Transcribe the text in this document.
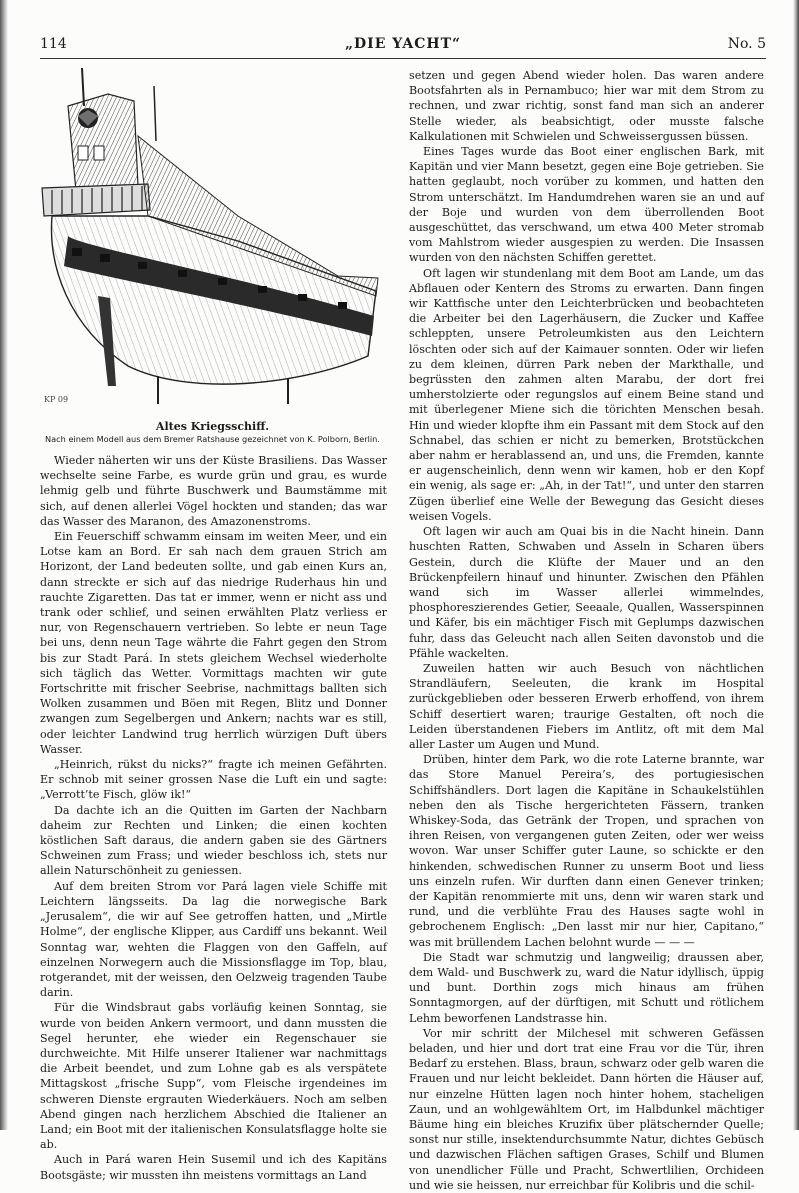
114	„DIE YACHT“	No. 5
KP 09
Altes Kriegsschiff.
Nach einem Modell aus dem Bremer Ratshause gezeichnet von K. Polborn, Berlin.

Wieder näherten wir uns der Küste Brasiliens. Das Wasser wechselte seine Farbe, es wurde grün und grau, es wurde lehmig gelb und führte Buschwerk und Baumstämme mit sich, auf denen allerlei Vögel hockten und standen; das war das Wasser des Maranon, des Amazonenstroms.

Ein Feuerschiff schwamm einsam im weiten Meer, und ein Lotse kam an Bord. Er sah nach dem grauen Strich am Horizont, der Land bedeuten sollte, und gab einen Kurs an, dann streckte er sich auf das niedrige Ruderhaus hin und rauchte Zigaretten. Das tat er immer, wenn er nicht ass und trank oder schlief, und seinen erwählten Platz verliess er nur, von Regenschauern vertrieben. So lebte er neun Tage bei uns, denn neun Tage währte die Fahrt gegen den Strom bis zur Stadt Pará. In stets gleichem Wechsel wiederholte sich täglich das Wetter. Vormittags machten wir gute Fortschritte mit frischer Seebrise, nachmittags ballten sich Wolken zusammen und Böen mit Regen, Blitz und Donner zwangen zum Segelbergen und Ankern; nachts war es still, oder leichter Landwind trug herrlich würzigen Duft übers Wasser.

„Heinrich, rükst du nicks?“ fragte ich meinen Gefährten. Er schnob mit seiner grossen Nase die Luft ein und sagte: „Verrott’te Fisch, glöw ik!“

Da dachte ich an die Quitten im Garten der Nachbarn daheim zur Rechten und Linken; die einen kochten köstlichen Saft daraus, die andern gaben sie des Gärtners Schweinen zum Frass; und wieder beschloss ich, stets nur allein Naturschönheit zu geniessen.

Auf dem breiten Strom vor Pará lagen viele Schiffe mit Leichtern längsseits. Da lag die norwegische Bark „Jerusalem“, die wir auf See getroffen hatten, und „Mirtle Holme“, der englische Klipper, aus Cardiff uns bekannt. Weil Sonntag war, wehten die Flaggen von den Gaffeln, auf einzelnen Norwegern auch die Missionsflagge im Top, blau, rotgerandet, mit der weissen, den Oelzweig tragenden Taube darin.

Für die Windsbraut gabs vorläufig keinen Sonntag, sie wurde von beiden Ankern vermoort, und dann mussten die Segel herunter, ehe wieder ein Regenschauer sie durchweichte. Mit Hilfe unserer Italiener war nachmittags die Arbeit beendet, und zum Lohne gab es als verspätete Mittagskost „frische Supp“, vom Fleische irgendeines im schweren Dienste ergrauten Wiederkäuers. Noch am selben Abend gingen nach herzlichem Abschied die Italiener an Land; ein Boot mit der italienischen Konsulatsflagge holte sie ab.

Auch in Pará waren Hein Susemil und ich des Kapitäns Bootsgäste; wir mussten ihn meistens vormittags an Land

setzen und gegen Abend wieder holen. Das waren andere Bootsfahrten als in Pernambuco; hier war mit dem Strom zu rechnen, und zwar richtig, sonst fand man sich an anderer Stelle wieder, als beabsichtigt, oder musste falsche Kalkulationen mit Schwielen und Schweissergussen büssen.

Eines Tages wurde das Boot einer englischen Bark, mit Kapitän und vier Mann besetzt, gegen eine Boje getrieben. Sie hatten geglaubt, noch vorüber zu kommen, und hatten den Strom unterschätzt. Im Handumdrehen waren sie an und auf der Boje und wurden von dem überrollenden Boot ausgeschüttet, das verschwand, um etwa 400 Meter stromab vom Mahlstrom wieder ausgespien zu werden. Die Insassen wurden von den nächsten Schiffen gerettet.

Oft lagen wir stundenlang mit dem Boot am Lande, um das Abflauen oder Kentern des Stroms zu erwarten. Dann fingen wir Kattfische unter den Leichterbrücken und beobachteten die Arbeiter bei den Lagerhäusern, die Zucker und Kaffee schleppten, unsere Petroleumkisten aus den Leichtern löschten oder sich auf der Kaimauer sonnten. Oder wir liefen zu dem kleinen, dürren Park neben der Markthalle, und begrüssten den zahmen alten Marabu, der dort frei umherstolzierte oder regungslos auf einem Beine stand und mit überlegener Miene sich die törichten Menschen besah. Hin und wieder klopfte ihm ein Passant mit dem Stock auf den Schnabel, das schien er nicht zu bemerken, Brotstückchen aber nahm er herablassend an, und uns, die Fremden, kannte er augenscheinlich, denn wenn wir kamen, hob er den Kopf ein wenig, als sage er: „Ah, in der Tat!“, und unter den starren Zügen überlief eine Welle der Bewegung das Gesicht dieses weisen Vogels.

Oft lagen wir auch am Quai bis in die Nacht hinein. Dann huschten Ratten, Schwaben und Asseln in Scharen übers Gestein, durch die Klüfte der Mauer und an den Brückenpfeilern hinauf und hinunter. Zwischen den Pfählen wand sich im Wasser allerlei wimmelndes, phosphoreszierendes Getier, Seeaale, Quallen, Wasserspinnen und Käfer, bis ein mächtiger Fisch mit Geplumps dazwischen fuhr, dass das Geleucht nach allen Seiten davonstob und die Pfähle wackelten.

Zuweilen hatten wir auch Besuch von nächtlichen Strandläufern, Seeleuten, die krank im Hospital zurückgeblieben oder besseren Erwerb erhoffend, von ihrem Schiff desertiert waren; traurige Gestalten, oft noch die Leiden überstandenen Fiebers im Antlitz, oft mit dem Mal aller Laster um Augen und Mund.

Drüben, hinter dem Park, wo die rote Laterne brannte, war das Store Manuel Pereira’s, des portugiesischen Schiffshändlers. Dort lagen die Kapitäne in Schaukelstühlen neben den als Tische hergerichteten Fässern, tranken Whiskey-Soda, das Getränk der Tropen, und sprachen von ihren Reisen, von vergangenen guten Zeiten, oder wer weiss wovon. War unser Schiffer guter Laune, so schickte er den hinkenden, schwedischen Runner zu unserm Boot und liess uns einzeln rufen. Wir durften dann einen Genever trinken; der Kapitän renommierte mit uns, denn wir waren stark und rund, und die verblühte Frau des Hauses sagte wohl in gebrochenem Englisch: „Den lasst mir nur hier, Capitano,“ was mit brüllendem Lachen belohnt wurde — — —

Die Stadt war schmutzig und langweilig; draussen aber, dem Wald- und Buschwerk zu, ward die Natur idyllisch, üppig und bunt. Dorthin zogs mich hinaus am frühen Sonntagmorgen, auf der dürftigen, mit Schutt und rötlichem Lehm beworfenen Landstrasse hin.

Vor mir schritt der Milchesel mit schweren Gefässen beladen, und hier und dort trat eine Frau vor die Tür, ihren Bedarf zu erstehen. Blass, braun, schwarz oder gelb waren die Frauen und nur leicht bekleidet. Dann hörten die Häuser auf, nur einzelne Hütten lagen noch hinter hohem, stacheligen Zaun, und an wohlgewähltem Ort, im Halbdunkel mächtiger Bäume hing ein bleiches Kruzifix über plätschernder Quelle; sonst nur stille, insektendurchsummte Natur, dichtes Gebüsch und dazwischen Flächen saftigen Grases, Schilf und Blumen von unendlicher Fülle und Pracht, Schwertlilien, Orchideen und wie sie heissen, nur erreichbar für Kolibris und die schil-
